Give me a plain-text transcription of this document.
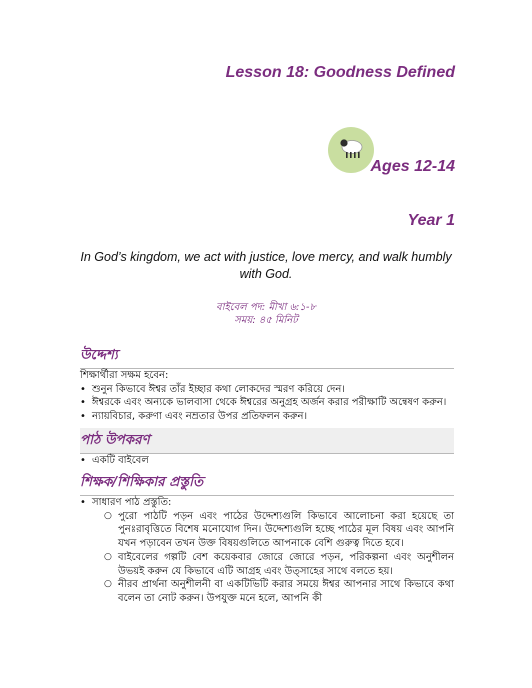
Lesson 18: Goodness Defined
Ages 12-14
Year 1
In God’s kingdom, we act with justice, love mercy, and walk humbly with God.
বাইবেল পদ: মীখা ৬:১-৮
সময়: ৪৫ মিনিট
উদ্দেশ্য
শিক্ষার্থীরা সক্ষম হবেন:
• শুনুন কিভাবে ঈশ্বর তাঁর ইচ্ছার কথা লোকদের স্মরণ করিয়ে দেন।
• ঈশ্বরকে এবং অন্যকে ভালবাসা থেকে ঈশ্বরের অনুগ্রহ অর্জন করার পরীক্ষাটি অন্বেষণ করুন।
• ন্যায়বিচার, করুণা এবং নম্রতার উপর প্রতিফলন করুন।
পাঠ উপকরণ
• একটি বাইবেল
শিক্ষক/শিক্ষিকার প্রস্তুতি
• সাধারণ পাঠ প্রস্তুতি:
○ পুরো পাঠটি পড়ন এবং পাঠের উদ্দেশ্যগুলি কিভাবে আলোচনা করা হয়েছে তা পুনঃরাবৃত্তিতে বিশেষ মনোযোগ দিন। উদ্দেশ্যগুলি হচ্ছে পাঠের মূল বিষয় এবং আপনি যখন পড়াবেন তখন উক্ত বিষয়গুলিতে আপনাকে বেশি গুরুত্ব দিতে হবে।
○ বাইবেলের গল্পটি বেশ কয়েকবার জোরে জোরে পড়ন, পরিকল্পনা এবং অনুশীলন উভয়ই করুন যে কিভাবে এটি আগ্রহ এবং উত্সাহের সাথে বলতে হয়।
○ নীরব প্রার্থনা অনুশীলনী বা একটিভিটি করার সময়ে ঈশ্বর আপনার সাথে কিভাবে কথা বলেন তা নোট করুন। উপযুক্ত মনে হলে, আপনি কী
